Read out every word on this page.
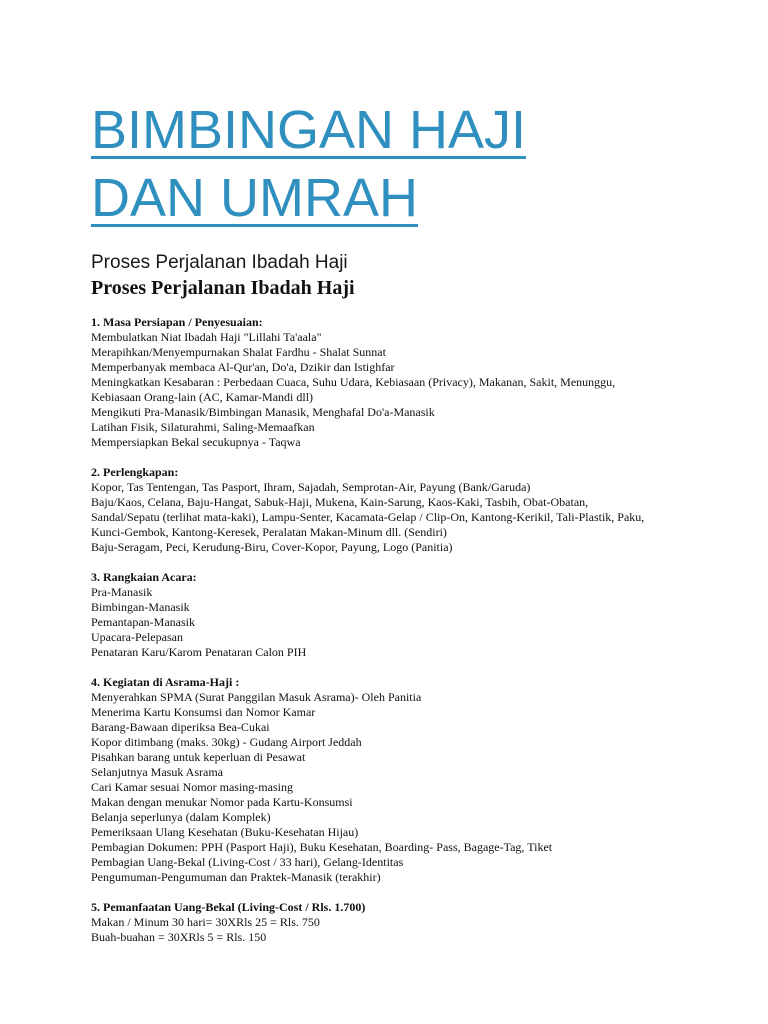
BIMBINGAN HAJI
DAN UMRAH
Proses Perjalanan Ibadah Haji
Proses Perjalanan Ibadah Haji
1. Masa Persiapan / Penyesuaian:
Membulatkan Niat Ibadah Haji "Lillahi Ta'aala"
Merapihkan/Menyempurnakan Shalat Fardhu - Shalat Sunnat
Memperbanyak membaca Al-Qur'an, Do'a, Dzikir dan Istighfar
Meningkatkan Kesabaran : Perbedaan Cuaca, Suhu Udara, Kebiasaan (Privacy), Makanan, Sakit, Menunggu,
Kebiasaan Orang-lain (AC, Kamar-Mandi dll)
Mengikuti Pra-Manasik/Bimbingan Manasik, Menghafal Do'a-Manasik
Latihan Fisik, Silaturahmi, Saling-Memaafkan
Mempersiapkan Bekal secukupnya - Taqwa
2. Perlengkapan:
Kopor, Tas Tentengan, Tas Pasport, Ihram, Sajadah, Semprotan-Air, Payung (Bank/Garuda)
Baju/Kaos, Celana, Baju-Hangat, Sabuk-Haji, Mukena, Kain-Sarung, Kaos-Kaki, Tasbih, Obat-Obatan,
Sandal/Sepatu (terlihat mata-kaki), Lampu-Senter, Kacamata-Gelap / Clip-On, Kantong-Kerikil, Tali-Plastik, Paku,
Kunci-Gembok, Kantong-Keresek, Peralatan Makan-Minum dll. (Sendiri)
Baju-Seragam, Peci, Kerudung-Biru, Cover-Kopor, Payung, Logo (Panitia)
3. Rangkaian Acara:
Pra-Manasik
Bimbingan-Manasik
Pemantapan-Manasik
Upacara-Pelepasan
Penataran Karu/Karom Penataran Calon PIH
4. Kegiatan di Asrama-Haji :
Menyerahkan SPMA (Surat Panggilan Masuk Asrama)- Oleh Panitia
Menerima Kartu Konsumsi dan Nomor Kamar
Barang-Bawaan diperiksa Bea-Cukai
Kopor ditimbang (maks. 30kg) - Gudang Airport Jeddah
Pisahkan barang untuk keperluan di Pesawat
Selanjutnya Masuk Asrama
Cari Kamar sesuai Nomor masing-masing
Makan dengan menukar Nomor pada Kartu-Konsumsi
Belanja seperlunya (dalam Komplek)
Pemeriksaan Ulang Kesehatan (Buku-Kesehatan Hijau)
Pembagian Dokumen: PPH (Pasport Haji), Buku Kesehatan, Boarding- Pass, Bagage-Tag, Tiket
Pembagian Uang-Bekal (Living-Cost / 33 hari), Gelang-Identitas
Pengumuman-Pengumuman dan Praktek-Manasik (terakhir)
5. Pemanfaatan Uang-Bekal (Living-Cost / Rls. 1.700)
Makan / Minum 30 hari= 30XRls 25 = Rls. 750
Buah-buahan = 30XRls 5 = Rls. 150
